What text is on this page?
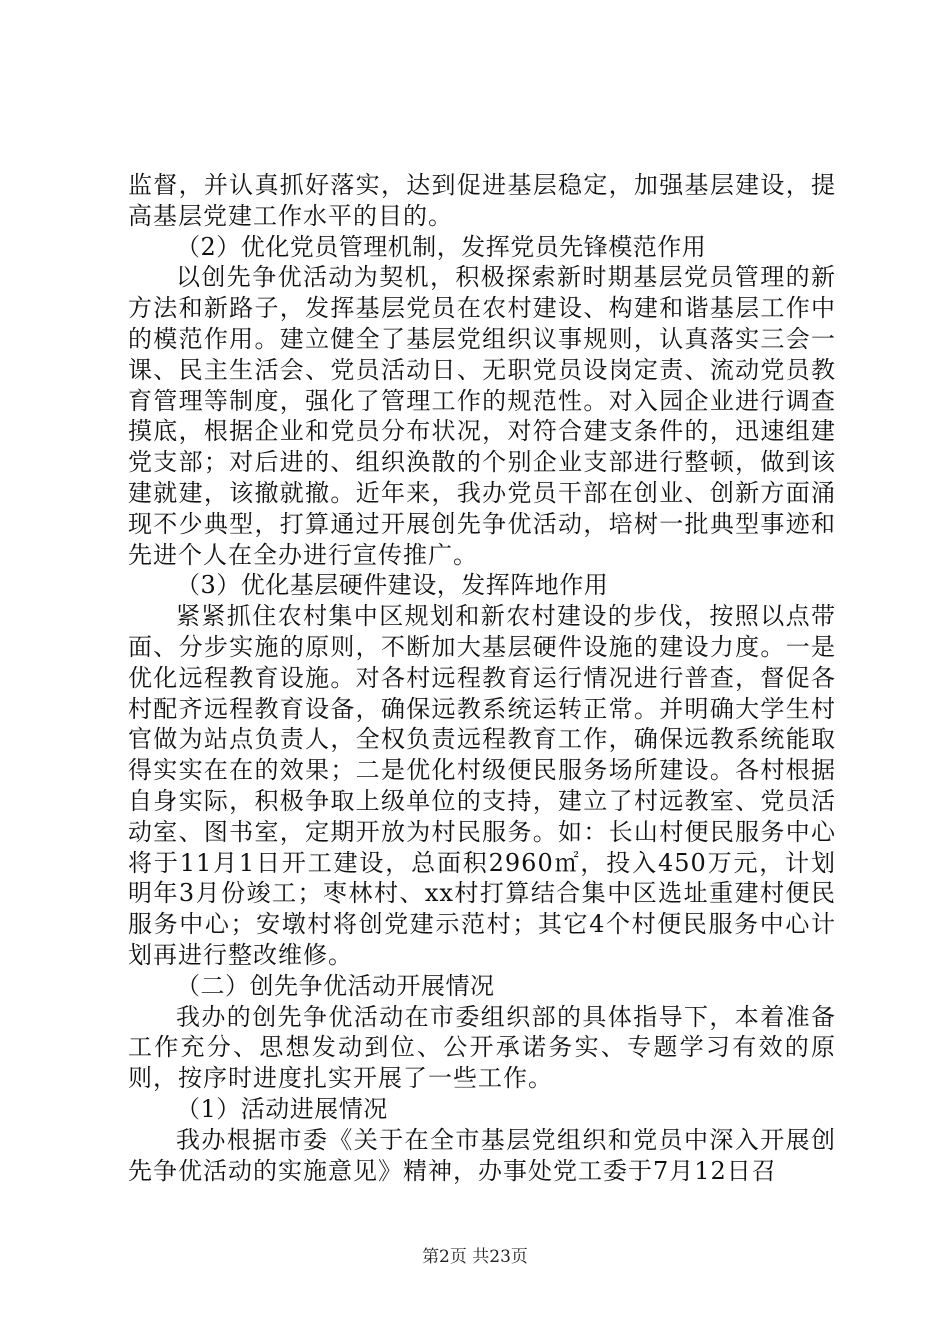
监督，并认真抓好落实，达到促进基层稳定，加强基层建设，提高基层党建工作水平的目的。

（2）优化党员管理机制，发挥党员先锋模范作用

以创先争优活动为契机，积极探索新时期基层党员管理的新方法和新路子，发挥基层党员在农村建设、构建和谐基层工作中的模范作用。建立健全了基层党组织议事规则，认真落实三会一课、民主生活会、党员活动日、无职党员设岗定责、流动党员教育管理等制度，强化了管理工作的规范性。对入园企业进行调查摸底，根据企业和党员分布状况，对符合建支条件的，迅速组建党支部；对后进的、组织涣散的个别企业支部进行整顿，做到该建就建，该撤就撤。近年来，我办党员干部在创业、创新方面涌现不少典型，打算通过开展创先争优活动，培树一批典型事迹和先进个人在全办进行宣传推广。

（3）优化基层硬件建设，发挥阵地作用

紧紧抓住农村集中区规划和新农村建设的步伐，按照以点带面、分步实施的原则，不断加大基层硬件设施的建设力度。一是优化远程教育设施。对各村远程教育运行情况进行普查，督促各村配齐远程教育设备，确保远教系统运转正常。并明确大学生村官做为站点负责人，全权负责远程教育工作，确保远教系统能取得实实在在的效果；二是优化村级便民服务场所建设。各村根据自身实际，积极争取上级单位的支持，建立了村远教室、党员活动室、图书室，定期开放为村民服务。如：长山村便民服务中心将于11月1日开工建设，总面积2960㎡，投入450万元，计划明年3月份竣工；枣林村、xx村打算结合集中区选址重建村便民服务中心；安墩村将创党建示范村；其它4个村便民服务中心计划再进行整改维修。

（二）创先争优活动开展情况

我办的创先争优活动在市委组织部的具体指导下，本着准备工作充分、思想发动到位、公开承诺务实、专题学习有效的原则，按序时进度扎实开展了一些工作。

（1）活动进展情况

我办根据市委《关于在全市基层党组织和党员中深入开展创先争优活动的实施意见》精神，办事处党工委于7月12日召

第2页 共23页
